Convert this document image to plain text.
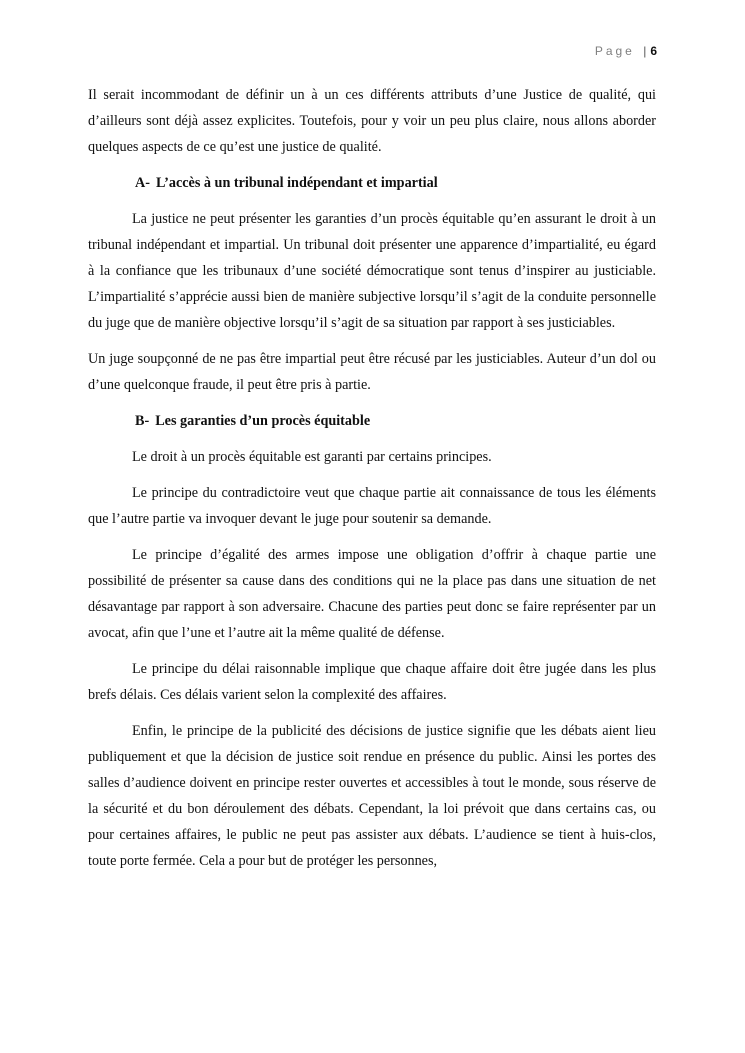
Page | 6

Il serait incommodant de définir un à un ces différents attributs d’une Justice de qualité, qui d’ailleurs sont déjà assez explicites. Toutefois, pour y voir un peu plus claire, nous allons aborder quelques aspects de ce qu’est une justice de qualité.

A- L’accès à un tribunal indépendant et impartial

La justice ne peut présenter les garanties d’un procès équitable qu’en assurant le droit à un tribunal indépendant et impartial. Un tribunal doit présenter une apparence d’impartialité, eu égard à la confiance que les tribunaux d’une société démocratique sont tenus d’inspirer au justiciable. L’impartialité s’apprécie aussi bien de manière subjective lorsqu’il s’agit de la conduite personnelle du juge que de manière objective lorsqu’il s’agit de sa situation par rapport à ses justiciables.

Un juge soupçonné de ne pas être impartial peut être récusé par les justiciables. Auteur d’un dol ou d’une quelconque fraude, il peut être pris à partie.

B- Les garanties d’un procès équitable

Le droit à un procès équitable est garanti par certains principes.

Le principe du contradictoire veut que chaque partie ait connaissance de tous les éléments que l’autre partie va invoquer devant le juge pour soutenir sa demande.

Le principe d’égalité des armes impose une obligation d’offrir à chaque partie une possibilité de présenter sa cause dans des conditions qui ne la place pas dans une situation de net désavantage par rapport à son adversaire. Chacune des parties peut donc se faire représenter par un avocat, afin que l’une et l’autre ait la même qualité de défense.

Le principe du délai raisonnable implique que chaque affaire doit être jugée dans les plus brefs délais. Ces délais varient selon la complexité des affaires.

Enfin, le principe de la publicité des décisions de justice signifie que les débats aient lieu publiquement et que la décision de justice soit rendue en présence du public. Ainsi les portes des salles d’audience doivent en principe rester ouvertes et accessibles à tout le monde, sous réserve de la sécurité et du bon déroulement des débats. Cependant, la loi prévoit que dans certains cas, ou pour certaines affaires, le public ne peut pas assister aux débats. L’audience se tient à huis-clos, toute porte fermée. Cela a pour but de protéger les personnes,
